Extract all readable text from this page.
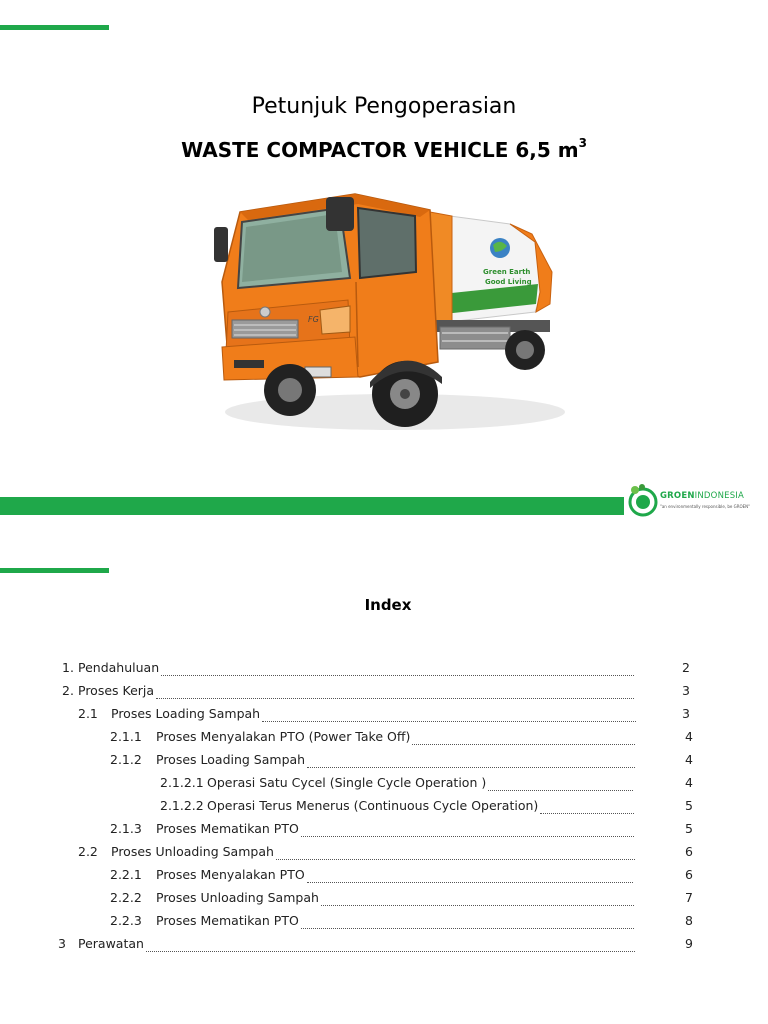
Petunjuk Pengoperasian
WASTE COMPACTOR VEHICLE 6,5 $m^3$
Green Earth
Good Living
FG
GROENINDONESIA
"an environmentally responsible, be GROEN"
Index
1. Pendahuluan	2
2. Proses Kerja	3
2.1 Proses Loading Sampah	3
2.1.1 Proses Menyalakan PTO (Power Take Off)	4
2.1.2 Proses Loading Sampah	4
2.1.2.1 Operasi Satu Cycel (Single Cycle Operation )	4
2.1.2.2 Operasi Terus Menerus (Continuous Cycle Operation)	5
2.1.3 Proses Mematikan PTO	5
2.2 Proses Unloading Sampah	6
2.2.1 Proses Menyalakan PTO	6
2.2.2 Proses Unloading Sampah	7
2.2.3 Proses Mematikan PTO	8
3 Perawatan	9
